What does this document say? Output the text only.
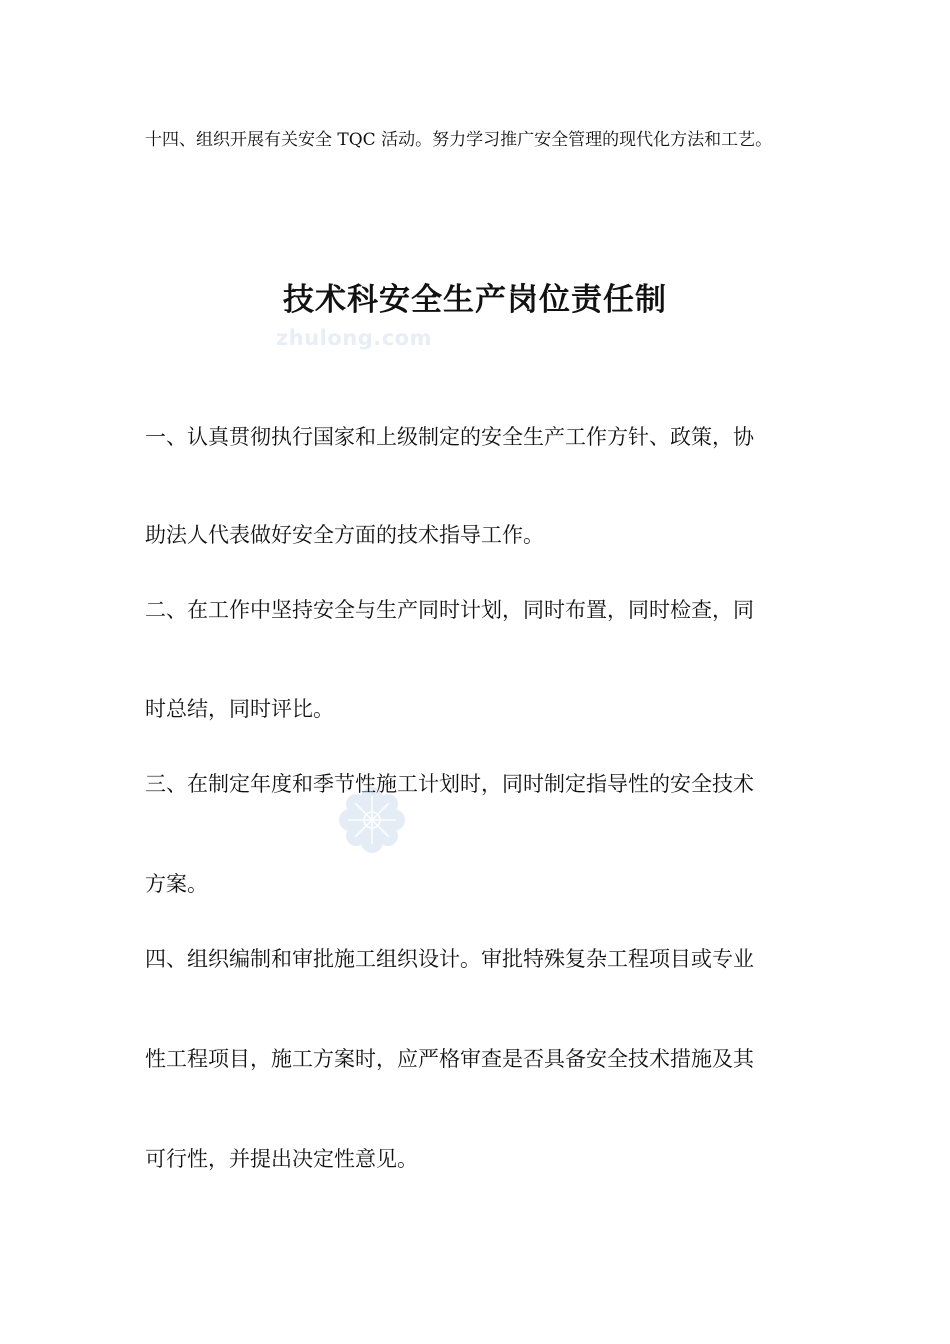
十四、组织开展有关安全 TQC 活动。努力学习推广安全管理的现代化方法和工艺。
技术科安全生产岗位责任制
zhulong.com
一、认真贯彻执行国家和上级制定的安全生产工作方针、政策，协
助法人代表做好安全方面的技术指导工作。
二、在工作中坚持安全与生产同时计划，同时布置，同时检查，同
时总结，同时评比。
三、在制定年度和季节性施工计划时，同时制定指导性的安全技术
方案。
四、组织编制和审批施工组织设计。审批特殊复杂工程项目或专业
性工程项目，施工方案时，应严格审查是否具备安全技术措施及其
可行性，并提出决定性意见。
